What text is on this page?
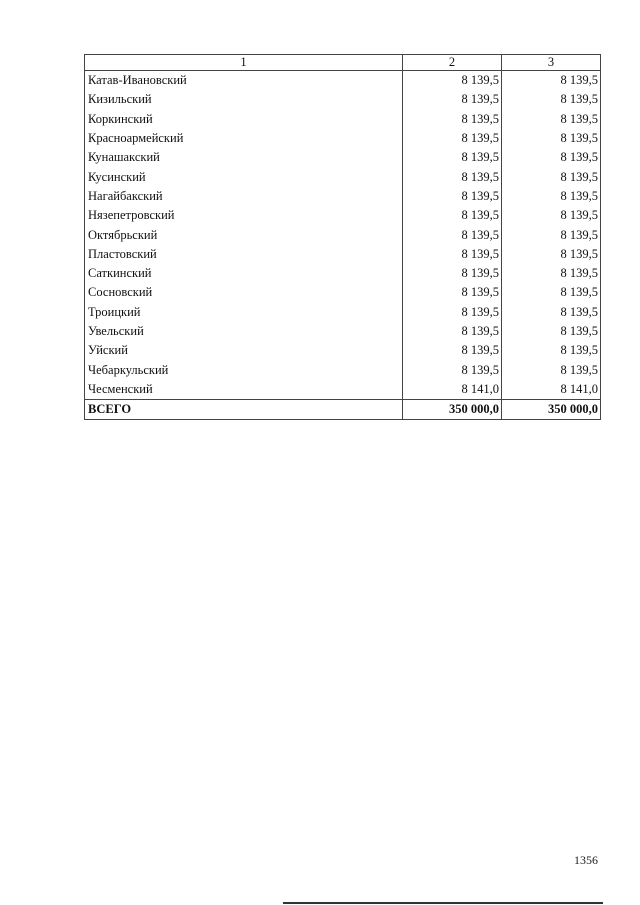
1	2	3
Катав-Ивановский	8 139,5	8 139,5
Кизильский	8 139,5	8 139,5
Коркинский	8 139,5	8 139,5
Красноармейский	8 139,5	8 139,5
Кунашакский	8 139,5	8 139,5
Кусинский	8 139,5	8 139,5
Нагайбакский	8 139,5	8 139,5
Нязепетровский	8 139,5	8 139,5
Октябрьский	8 139,5	8 139,5
Пластовский	8 139,5	8 139,5
Саткинский	8 139,5	8 139,5
Сосновский	8 139,5	8 139,5
Троицкий	8 139,5	8 139,5
Увельский	8 139,5	8 139,5
Уйский	8 139,5	8 139,5
Чебаркульский	8 139,5	8 139,5
Чесменский	8 141,0	8 141,0
ВСЕГО	350 000,0	350 000,0
1356
